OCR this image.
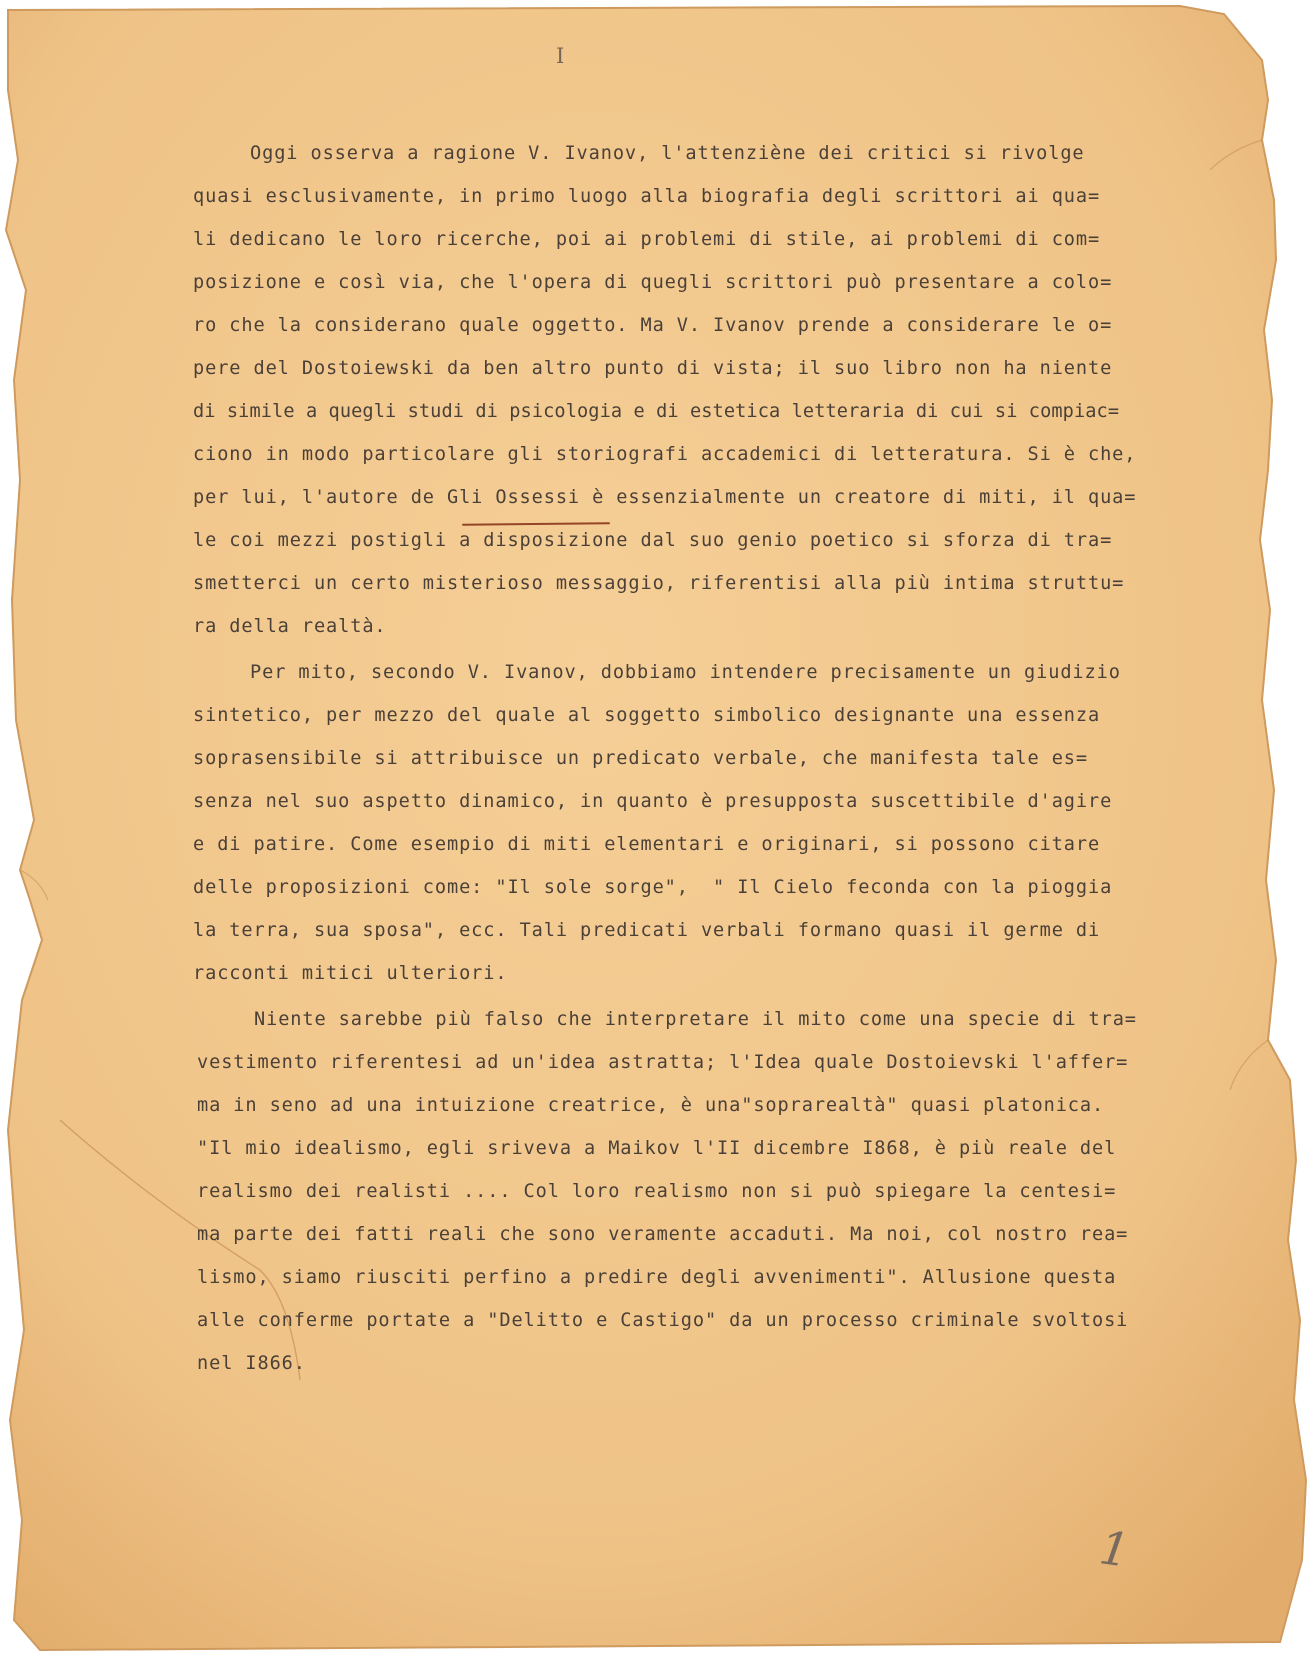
I
Oggi osserva a ragione V. Ivanov, l'attenziène dei critici si rivolge
quasi esclusivamente, in primo luogo alla biografia degli scrittori ai qua=
li dedicano le loro ricerche, poi ai problemi di stile, ai problemi di com=
posizione e così via, che l'opera di quegli scrittori può presentare a colo=
ro che la considerano quale oggetto. Ma V. Ivanov prende a considerare le o=
pere del Dostoiewski da ben altro punto di vista; il suo libro non ha niente
di simile a quegli studi di psicologia e di estetica letteraria di cui si compiac=
ciono in modo particolare gli storiografi accademici di letteratura. Si è che,
per lui, l'autore de Gli Ossessi è essenzialmente un creatore di miti, il qua=
le coi mezzi postigli a disposizione dal suo genio poetico si sforza di tra=
smetterci un certo misterioso messaggio, riferentisi alla più intima struttu=
ra della realtà.
Per mito, secondo V. Ivanov, dobbiamo intendere precisamente un giudizio
sintetico, per mezzo del quale al soggetto simbolico designante una essenza
soprasensibile si attribuisce un predicato verbale, che manifesta tale es=
senza nel suo aspetto dinamico, in quanto è presupposta suscettibile d'agire
e di patire. Come esempio di miti elementari e originari, si possono citare
delle proposizioni come: "Il sole sorge",  " Il Cielo feconda con la pioggia
la terra, sua sposa", ecc. Tali predicati verbali formano quasi il germe di
racconti mitici ulteriori.
Niente sarebbe più falso che interpretare il mito come una specie di tra=
vestimento riferentesi ad un'idea astratta; l'Idea quale Dostoievski l'affer=
ma in seno ad una intuizione creatrice, è una"soprarealtà" quasi platonica.
"Il mio idealismo, egli sriveva a Maikov l'II dicembre I868, è più reale del
realismo dei realisti .... Col loro realismo non si può spiegare la centesi=
ma parte dei fatti reali che sono veramente accaduti. Ma noi, col nostro rea=
lismo, siamo riusciti perfino a predire degli avvenimenti". Allusione questa
alle conferme portate a "Delitto e Castigo" da un processo criminale svoltosi
nel I866.
1
